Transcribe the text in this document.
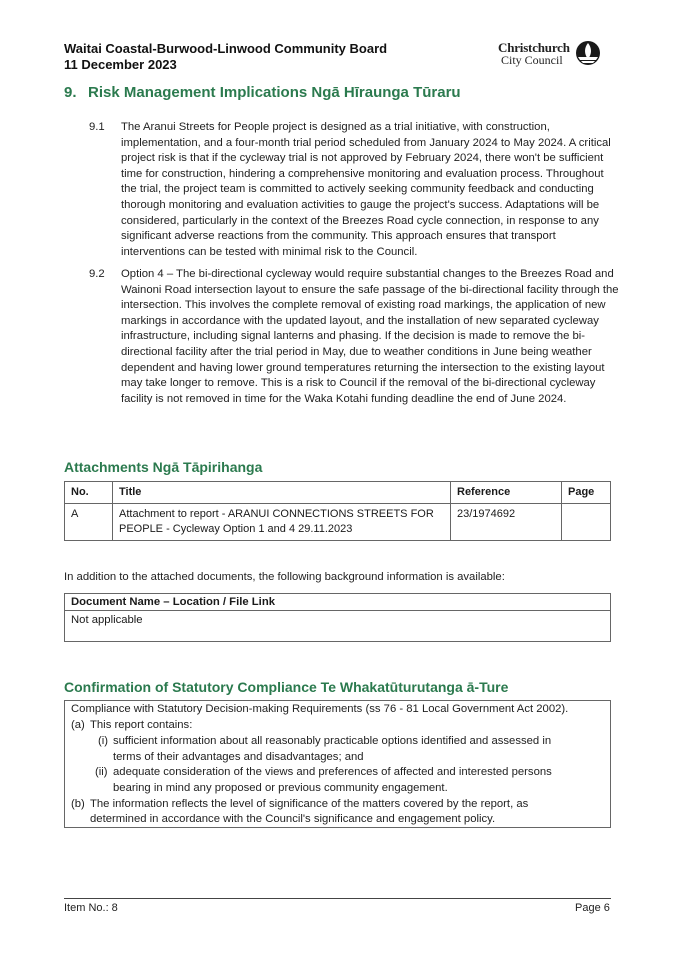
Waitai Coastal-Burwood-Linwood Community Board
11 December 2023
Christchurch
City Council
9. Risk Management Implications Ngā Hīraunga Tūraru
9.1 The Aranui Streets for People project is designed as a trial initiative, with construction, implementation, and a four-month trial period scheduled from January 2024 to May 2024. A critical project risk is that if the cycleway trial is not approved by February 2024, there won't be sufficient time for construction, hindering a comprehensive monitoring and evaluation process. Throughout the trial, the project team is committed to actively seeking community feedback and conducting thorough monitoring and evaluation activities to gauge the project's success. Adaptations will be considered, particularly in the context of the Breezes Road cycle connection, in response to any significant adverse reactions from the community. This approach ensures that transport interventions can be tested with minimal risk to the Council.
9.2 Option 4 – The bi-directional cycleway would require substantial changes to the Breezes Road and Wainoni Road intersection layout to ensure the safe passage of the bi-directional facility through the intersection. This involves the complete removal of existing road markings, the application of new markings in accordance with the updated layout, and the installation of new separated cycleway infrastructure, including signal lanterns and phasing. If the decision is made to remove the bi-directional facility after the trial period in May, due to weather conditions in June being weather dependent and having lower ground temperatures returning the intersection to the existing layout may take longer to remove. This is a risk to Council if the removal of the bi-directional cycleway facility is not removed in time for the Waka Kotahi funding deadline the end of June 2024.
Attachments Ngā Tāpirihanga
No.	Title	Reference	Page
A	Attachment to report - ARANUI CONNECTIONS STREETS FOR PEOPLE - Cycleway Option 1 and 4 29.11.2023	23/1974692	
In addition to the attached documents, the following background information is available:
Document Name – Location / File Link
Not applicable
Confirmation of Statutory Compliance Te Whakatūturutanga ā-Ture
Compliance with Statutory Decision-making Requirements (ss 76 - 81 Local Government Act 2002).
(a) This report contains:
(i) sufficient information about all reasonably practicable options identified and assessed in
terms of their advantages and disadvantages; and
(ii) adequate consideration of the views and preferences of affected and interested persons
bearing in mind any proposed or previous community engagement.
(b) The information reflects the level of significance of the matters covered by the report, as
determined in accordance with the Council's significance and engagement policy.
Item No.: 8	Page 6
